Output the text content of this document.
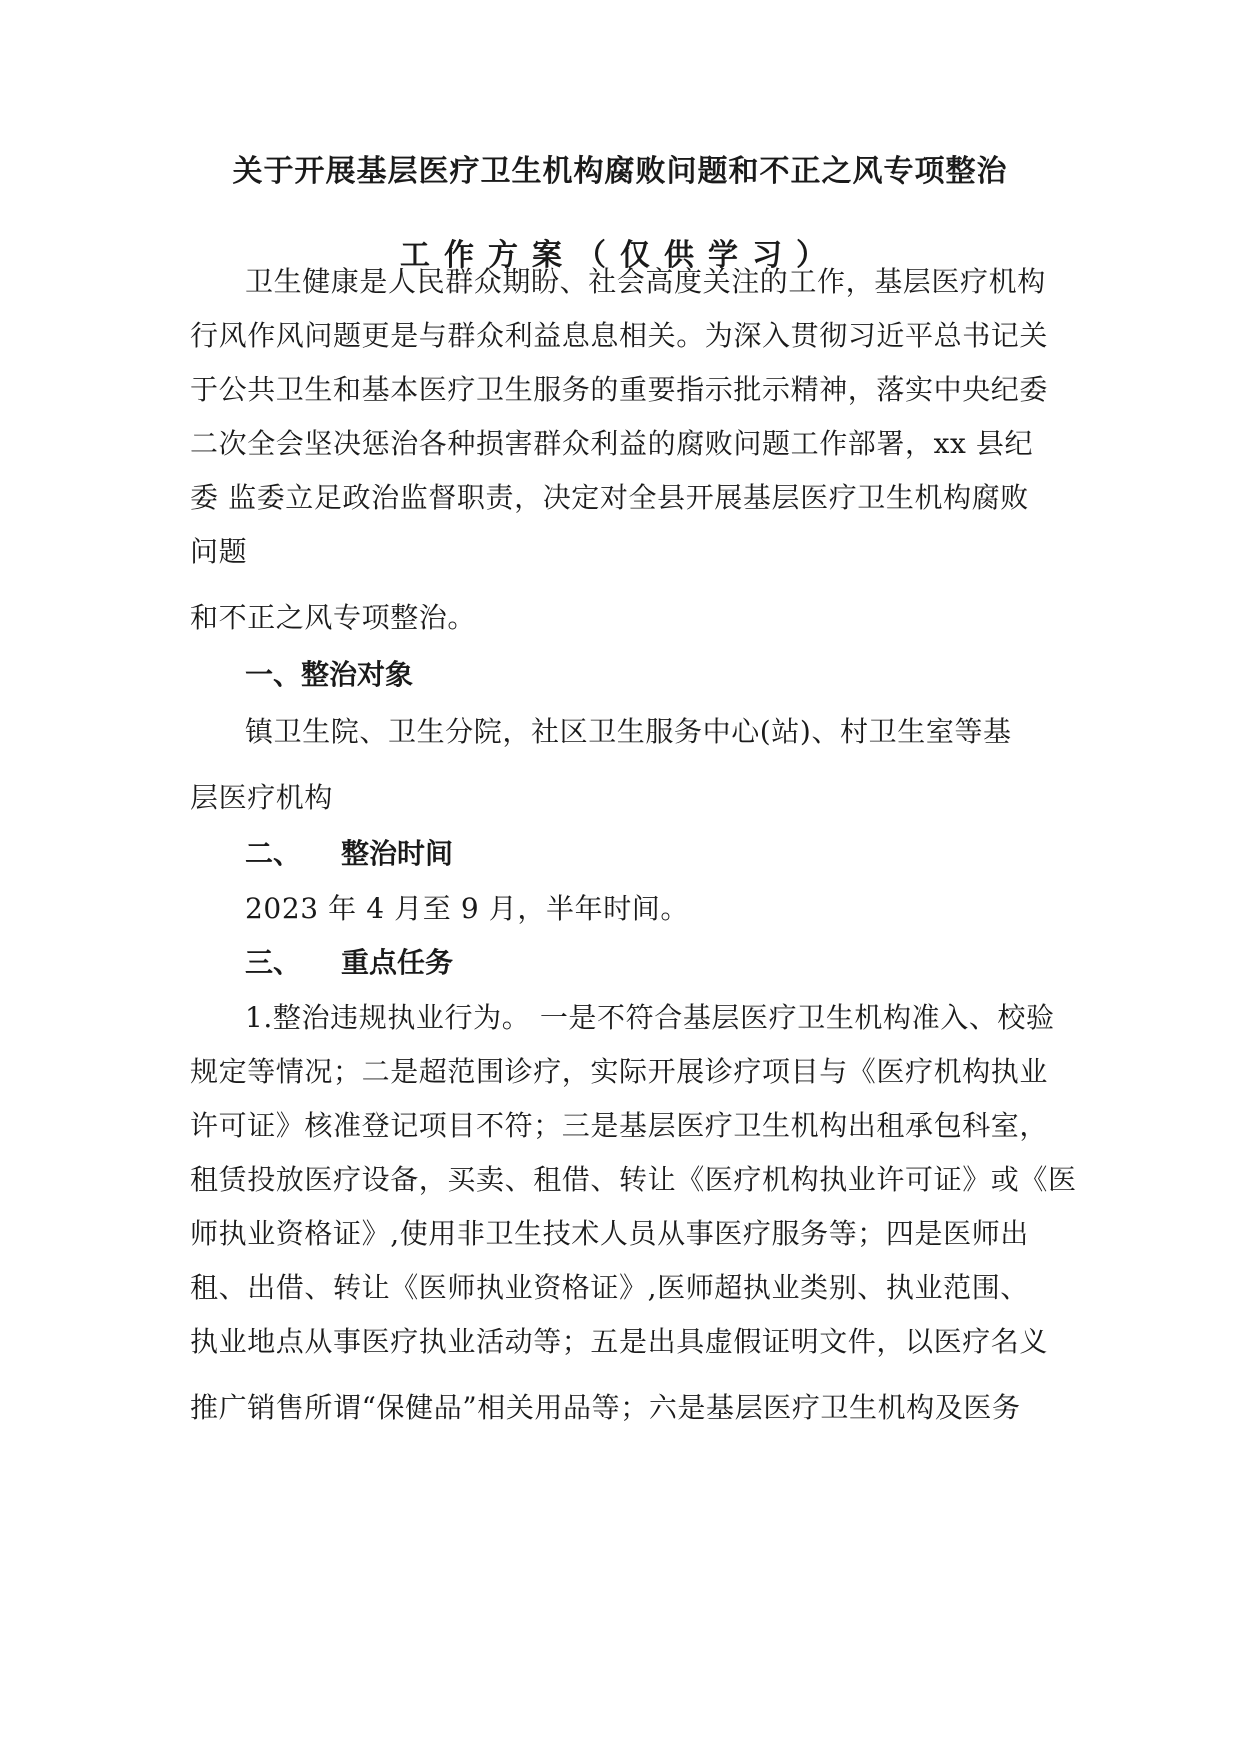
关于开展基层医疗卫生机构腐败问题和不正之风专项整治
工作方案（仅供学习）
卫生健康是人民群众期盼、社会高度关注的工作，基层医疗机构
行风作风问题更是与群众利益息息相关。为深入贯彻习近平总书记关
于公共卫生和基本医疗卫生服务的重要指示批示精神，落实中央纪委
二次全会坚决惩治各种损害群众利益的腐败问题工作部署，xx 县纪
委 监委立足政治监督职责，决定对全县开展基层医疗卫生机构腐败
问题
和不正之风专项整治。
一、整治对象
镇卫生院、卫生分院，社区卫生服务中心(站)、村卫生室等基
层医疗机构
二、 整治时间
2023 年 4 月至 9 月，半年时间。
三、 重点任务
1.整治违规执业行为。 一是不符合基层医疗卫生机构准入、校验
规定等情况；二是超范围诊疗，实际开展诊疗项目与《医疗机构执业
许可证》核准登记项目不符；三是基层医疗卫生机构出租承包科室，
租赁投放医疗设备，买卖、租借、转让《医疗机构执业许可证》或《医
师执业资格证》,使用非卫生技术人员从事医疗服务等；四是医师出
租、出借、转让《医师执业资格证》,医师超执业类别、执业范围、
执业地点从事医疗执业活动等；五是出具虚假证明文件，以医疗名义
推广销售所谓“保健品”相关用品等；六是基层医疗卫生机构及医务
